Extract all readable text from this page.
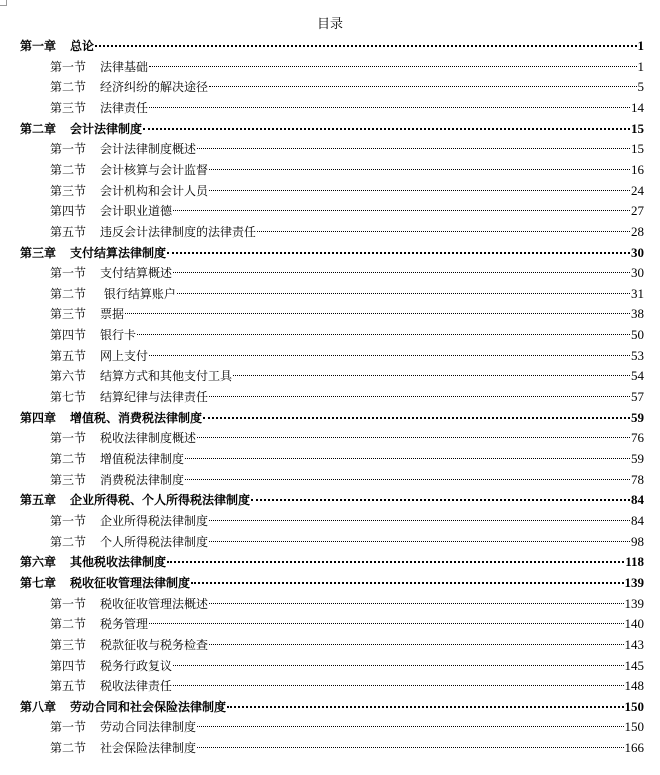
目录
第一章 总论	1
第一节 法律基础	1
第二节 经济纠纷的解决途径	5
第三节 法律责任	14
第二章 会计法律制度	15
第一节 会计法律制度概述	15
第二节 会计核算与会计监督	16
第三节 会计机构和会计人员	24
第四节 会计职业道德	27
第五节 违反会计法律制度的法律责任	28
第三章 支付结算法律制度	30
第一节 支付结算概述	30
第二节 银行结算账户	31
第三节 票据	38
第四节 银行卡	50
第五节 网上支付	53
第六节 结算方式和其他支付工具	54
第七节 结算纪律与法律责任	57
第四章 增值税、消费税法律制度	59
第一节 税收法律制度概述	76
第二节 增值税法律制度	59
第三节 消费税法律制度	78
第五章 企业所得税、个人所得税法律制度	84
第一节 企业所得税法律制度	84
第二节 个人所得税法律制度	98
第六章 其他税收法律制度	118
第七章 税收征收管理法律制度	139
第一节 税收征收管理法概述	139
第二节 税务管理	140
第三节 税款征收与税务检查	143
第四节 税务行政复议	145
第五节 税收法律责任	148
第八章 劳动合同和社会保险法律制度	150
第一节 劳动合同法律制度	150
第二节 社会保险法律制度	166
